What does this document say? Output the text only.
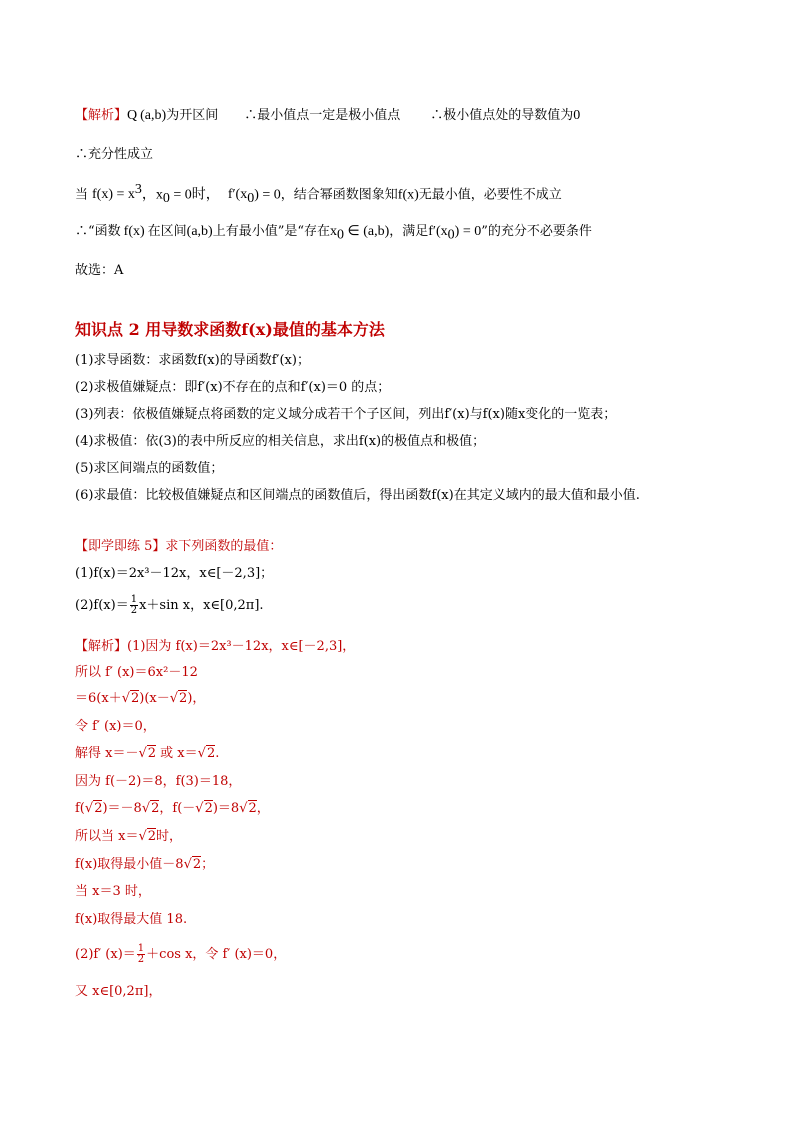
【解析】Q (a,b)为开区间 ∴最小值点一定是极小值点 ∴极小值点处的导数值为0
∴充分性成立
当 $f(x) = x^3$，$x_0 = 0$时， $f'(x_0) = 0$，结合幂函数图象知f(x)无最小值，必要性不成立
∴“函数 f(x) 在区间(a,b)上有最小值”是“存在$x_0$ ∈ (a,b)，满足$f'(x_0) = 0$”的充分不必要条件
故选：A
知识点 2 用导数求函数f(x)最值的基本方法
(1)求导函数：求函数f(x)的导函数f′(x)；
(2)求极值嫌疑点：即f′(x)不存在的点和f′(x)＝0 的点；
(3)列表：依极值嫌疑点将函数的定义域分成若干个子区间，列出f′(x)与f(x)随x变化的一览表；
(4)求极值：依(3)的表中所反应的相关信息，求出f(x)的极值点和极值；
(5)求区间端点的函数值；
(6)求最值：比较极值嫌疑点和区间端点的函数值后，得出函数f(x)在其定义域内的最大值和最小值.
【即学即练 5】求下列函数的最值：
(1)f(x)＝2x³－12x，x∈[－2,3]；
$(2)f(x)= \frac{1}{2} x+\sin$ x，x∈[0,2π].
【解析】(1)因为 f(x)＝2x³－12x，x∈[－2,3]，
所以 f′ (x)＝6x²－12
＝6(x＋√2)(x－√2)，
令 f′ (x)＝0，
解得 x＝－√2 或 x＝√2.
因为 f(－2)＝8，f(3)＝18，
f(√2)＝－8√2，f(－√2)＝8√2，
所以当 x＝√2时，
f(x)取得最小值－8√2；
当 x＝3 时，
f(x)取得最大值 18.
(2)f′ $(x)= \frac{1}{2} +\cos$ x，令 f′ (x)＝0，
又 x∈[0,2π]，
